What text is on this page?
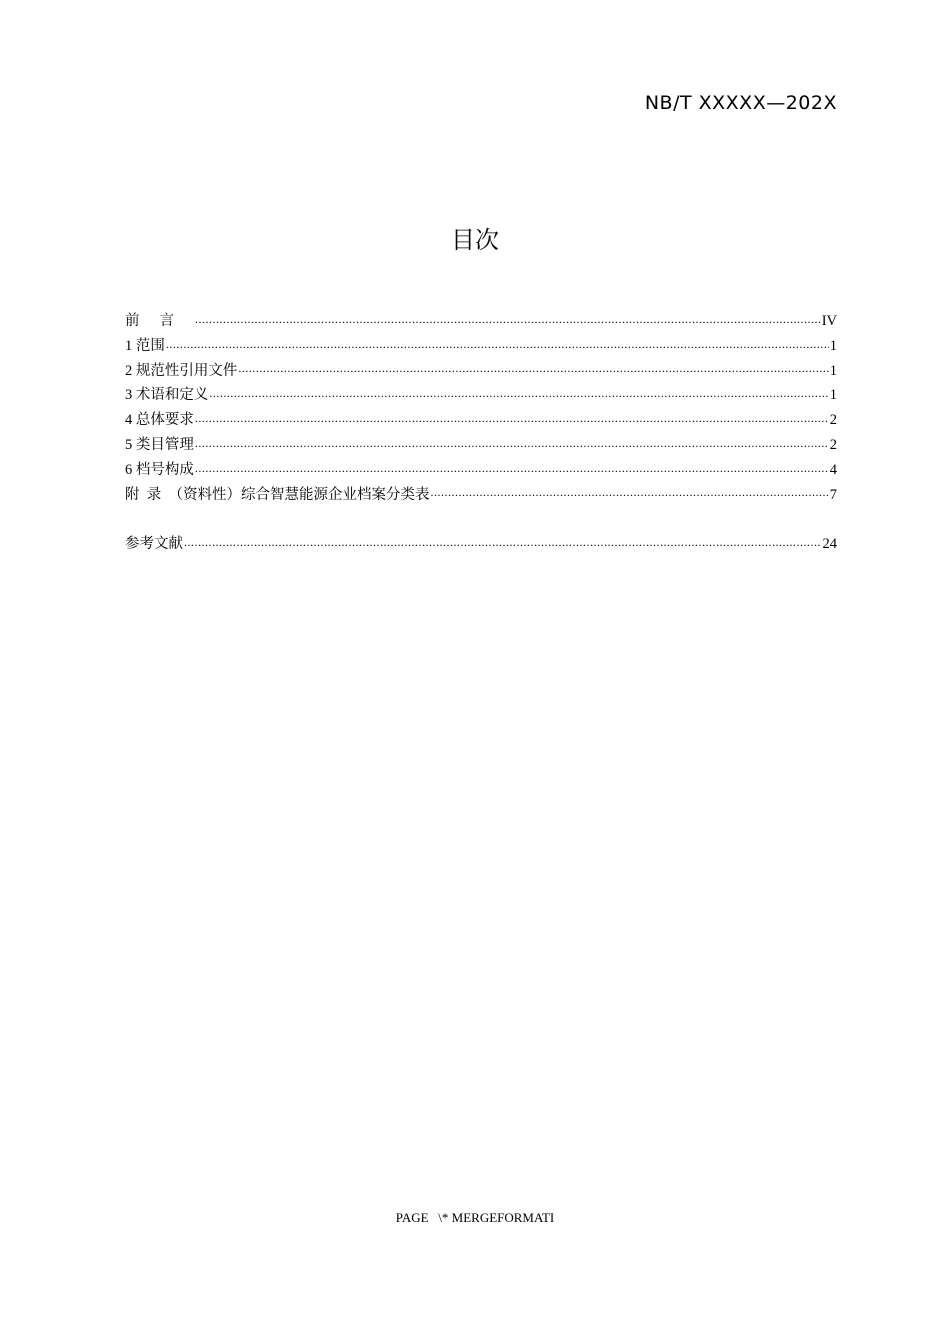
NB/T XXXXX—202X
目次
前言 .....	IV
1 范围 .....	1
2 规范性引用文件 .....	1
3 术语和定义 .....	1
4 总体要求 .....	2
5 类目管理 .....	2
6 档号构成 .....	4
附  录  （资料性）综合智慧能源企业档案分类表 .....	7
参考文献 .....	24
PAGE   \* MERGEFORMATI
